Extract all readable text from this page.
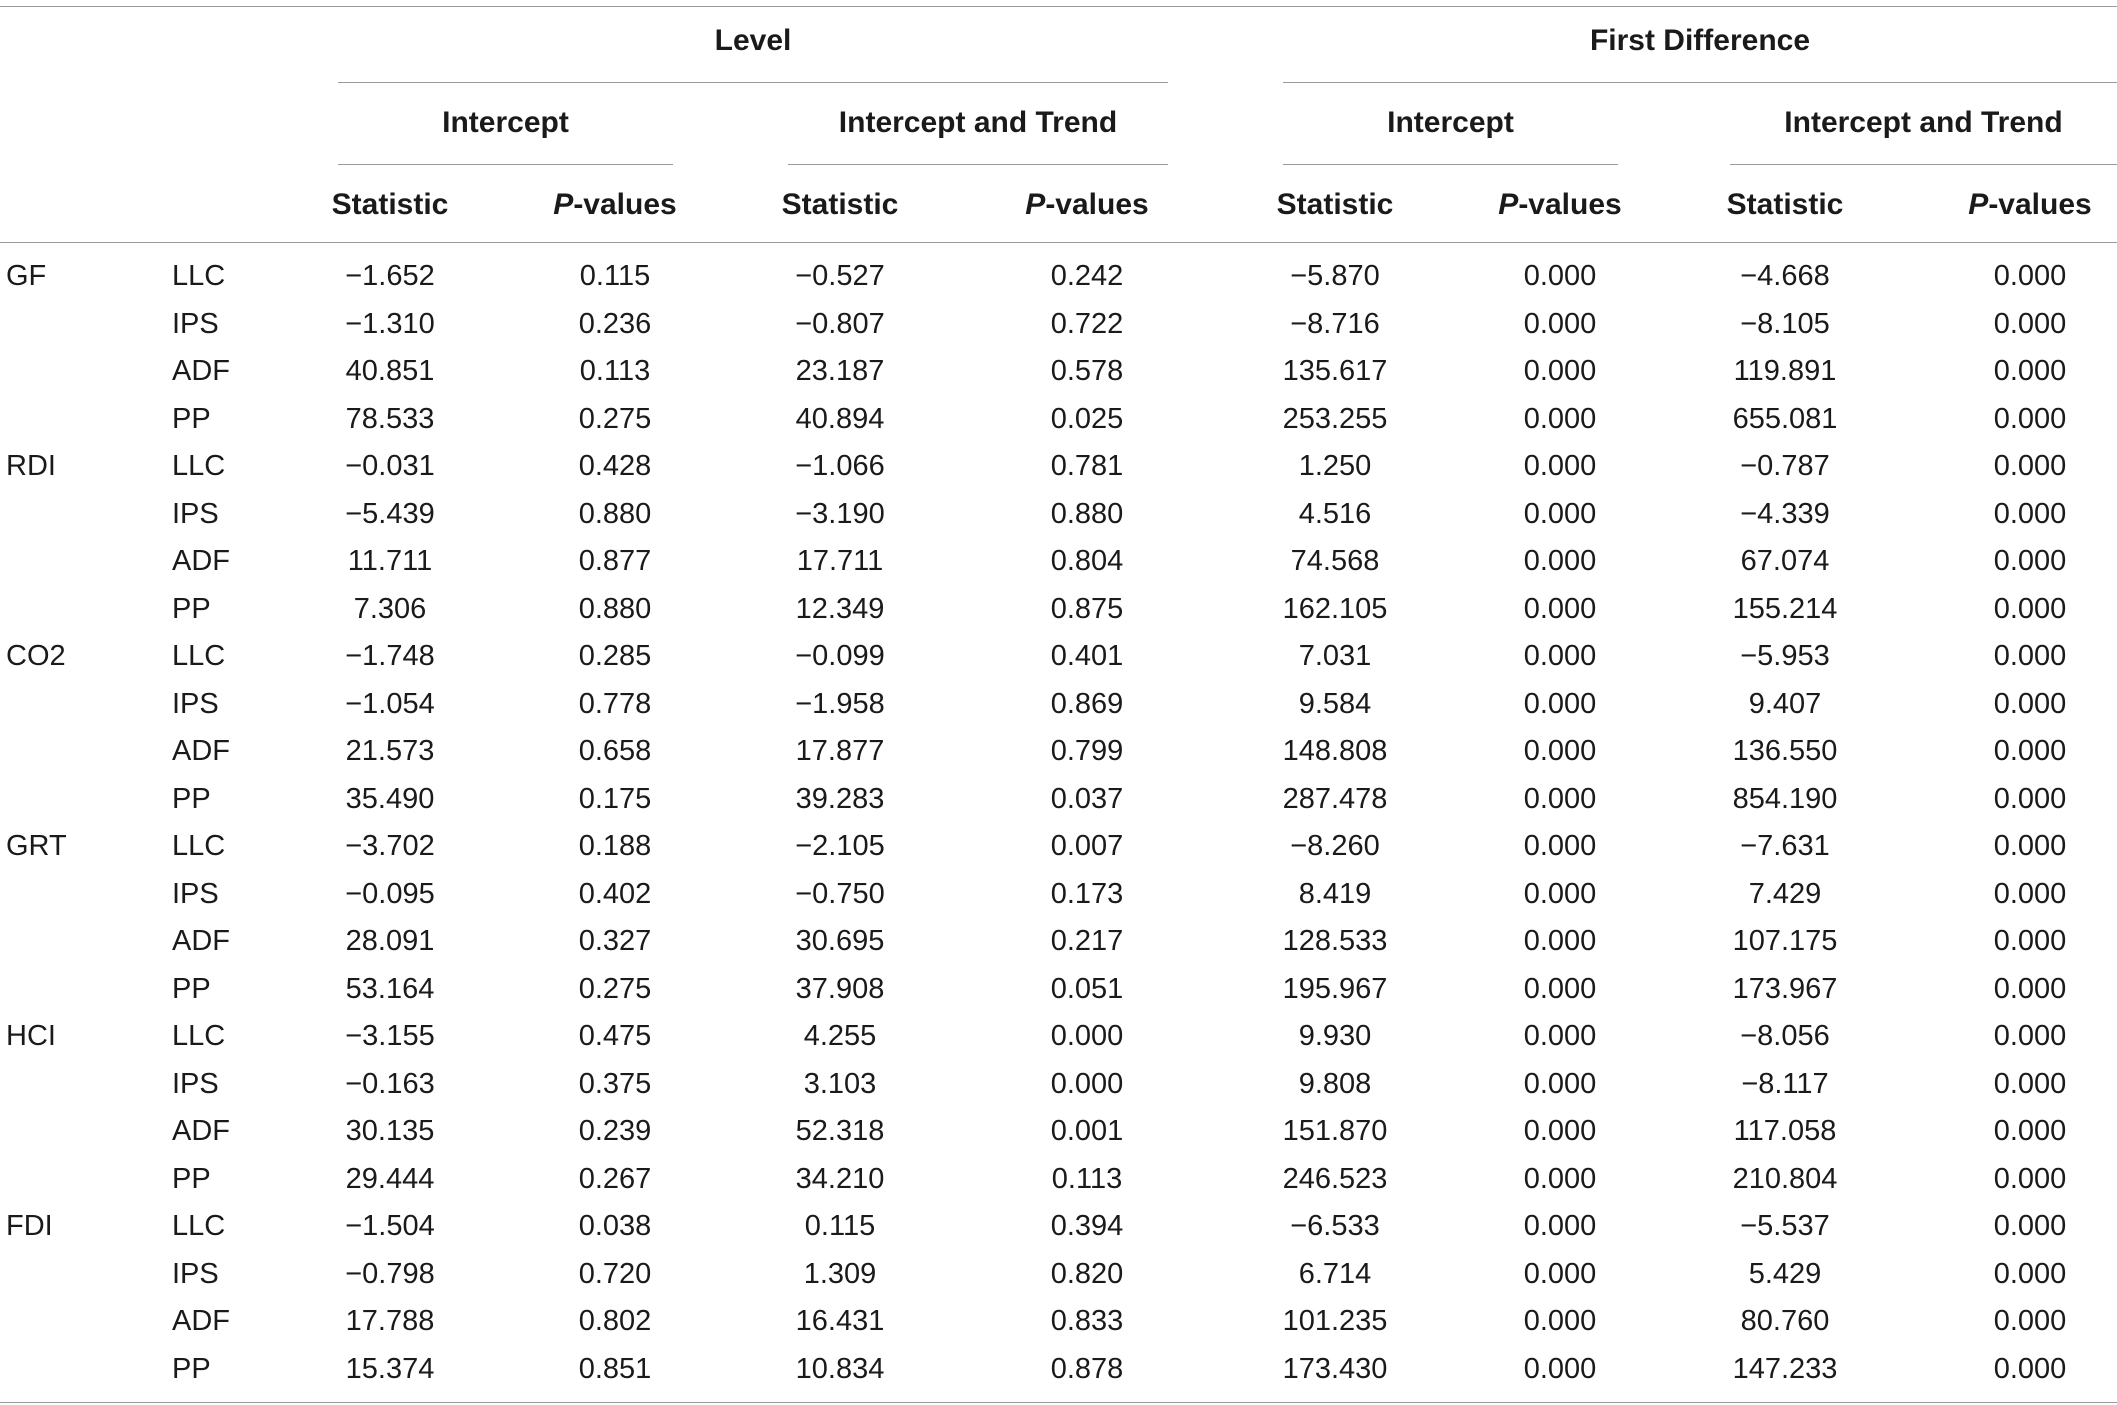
Level	First Difference
Intercept	Intercept and Trend	Intercept	Intercept and Trend
Statistic	P-values	Statistic	P-values	Statistic	P-values	Statistic	P-values
GF	LLC	−1.652	0.115	−0.527	0.242	−5.870	0.000	−4.668	0.000
IPS	−1.310	0.236	−0.807	0.722	−8.716	0.000	−8.105	0.000
ADF	40.851	0.113	23.187	0.578	135.617	0.000	119.891	0.000
PP	78.533	0.275	40.894	0.025	253.255	0.000	655.081	0.000
RDI	LLC	−0.031	0.428	−1.066	0.781	1.250	0.000	−0.787	0.000
IPS	−5.439	0.880	−3.190	0.880	4.516	0.000	−4.339	0.000
ADF	11.711	0.877	17.711	0.804	74.568	0.000	67.074	0.000
PP	7.306	0.880	12.349	0.875	162.105	0.000	155.214	0.000
CO2	LLC	−1.748	0.285	−0.099	0.401	7.031	0.000	−5.953	0.000
IPS	−1.054	0.778	−1.958	0.869	9.584	0.000	9.407	0.000
ADF	21.573	0.658	17.877	0.799	148.808	0.000	136.550	0.000
PP	35.490	0.175	39.283	0.037	287.478	0.000	854.190	0.000
GRT	LLC	−3.702	0.188	−2.105	0.007	−8.260	0.000	−7.631	0.000
IPS	−0.095	0.402	−0.750	0.173	8.419	0.000	7.429	0.000
ADF	28.091	0.327	30.695	0.217	128.533	0.000	107.175	0.000
PP	53.164	0.275	37.908	0.051	195.967	0.000	173.967	0.000
HCI	LLC	−3.155	0.475	4.255	0.000	9.930	0.000	−8.056	0.000
IPS	−0.163	0.375	3.103	0.000	9.808	0.000	−8.117	0.000
ADF	30.135	0.239	52.318	0.001	151.870	0.000	117.058	0.000
PP	29.444	0.267	34.210	0.113	246.523	0.000	210.804	0.000
FDI	LLC	−1.504	0.038	0.115	0.394	−6.533	0.000	−5.537	0.000
IPS	−0.798	0.720	1.309	0.820	6.714	0.000	5.429	0.000
ADF	17.788	0.802	16.431	0.833	101.235	0.000	80.760	0.000
PP	15.374	0.851	10.834	0.878	173.430	0.000	147.233	0.000
